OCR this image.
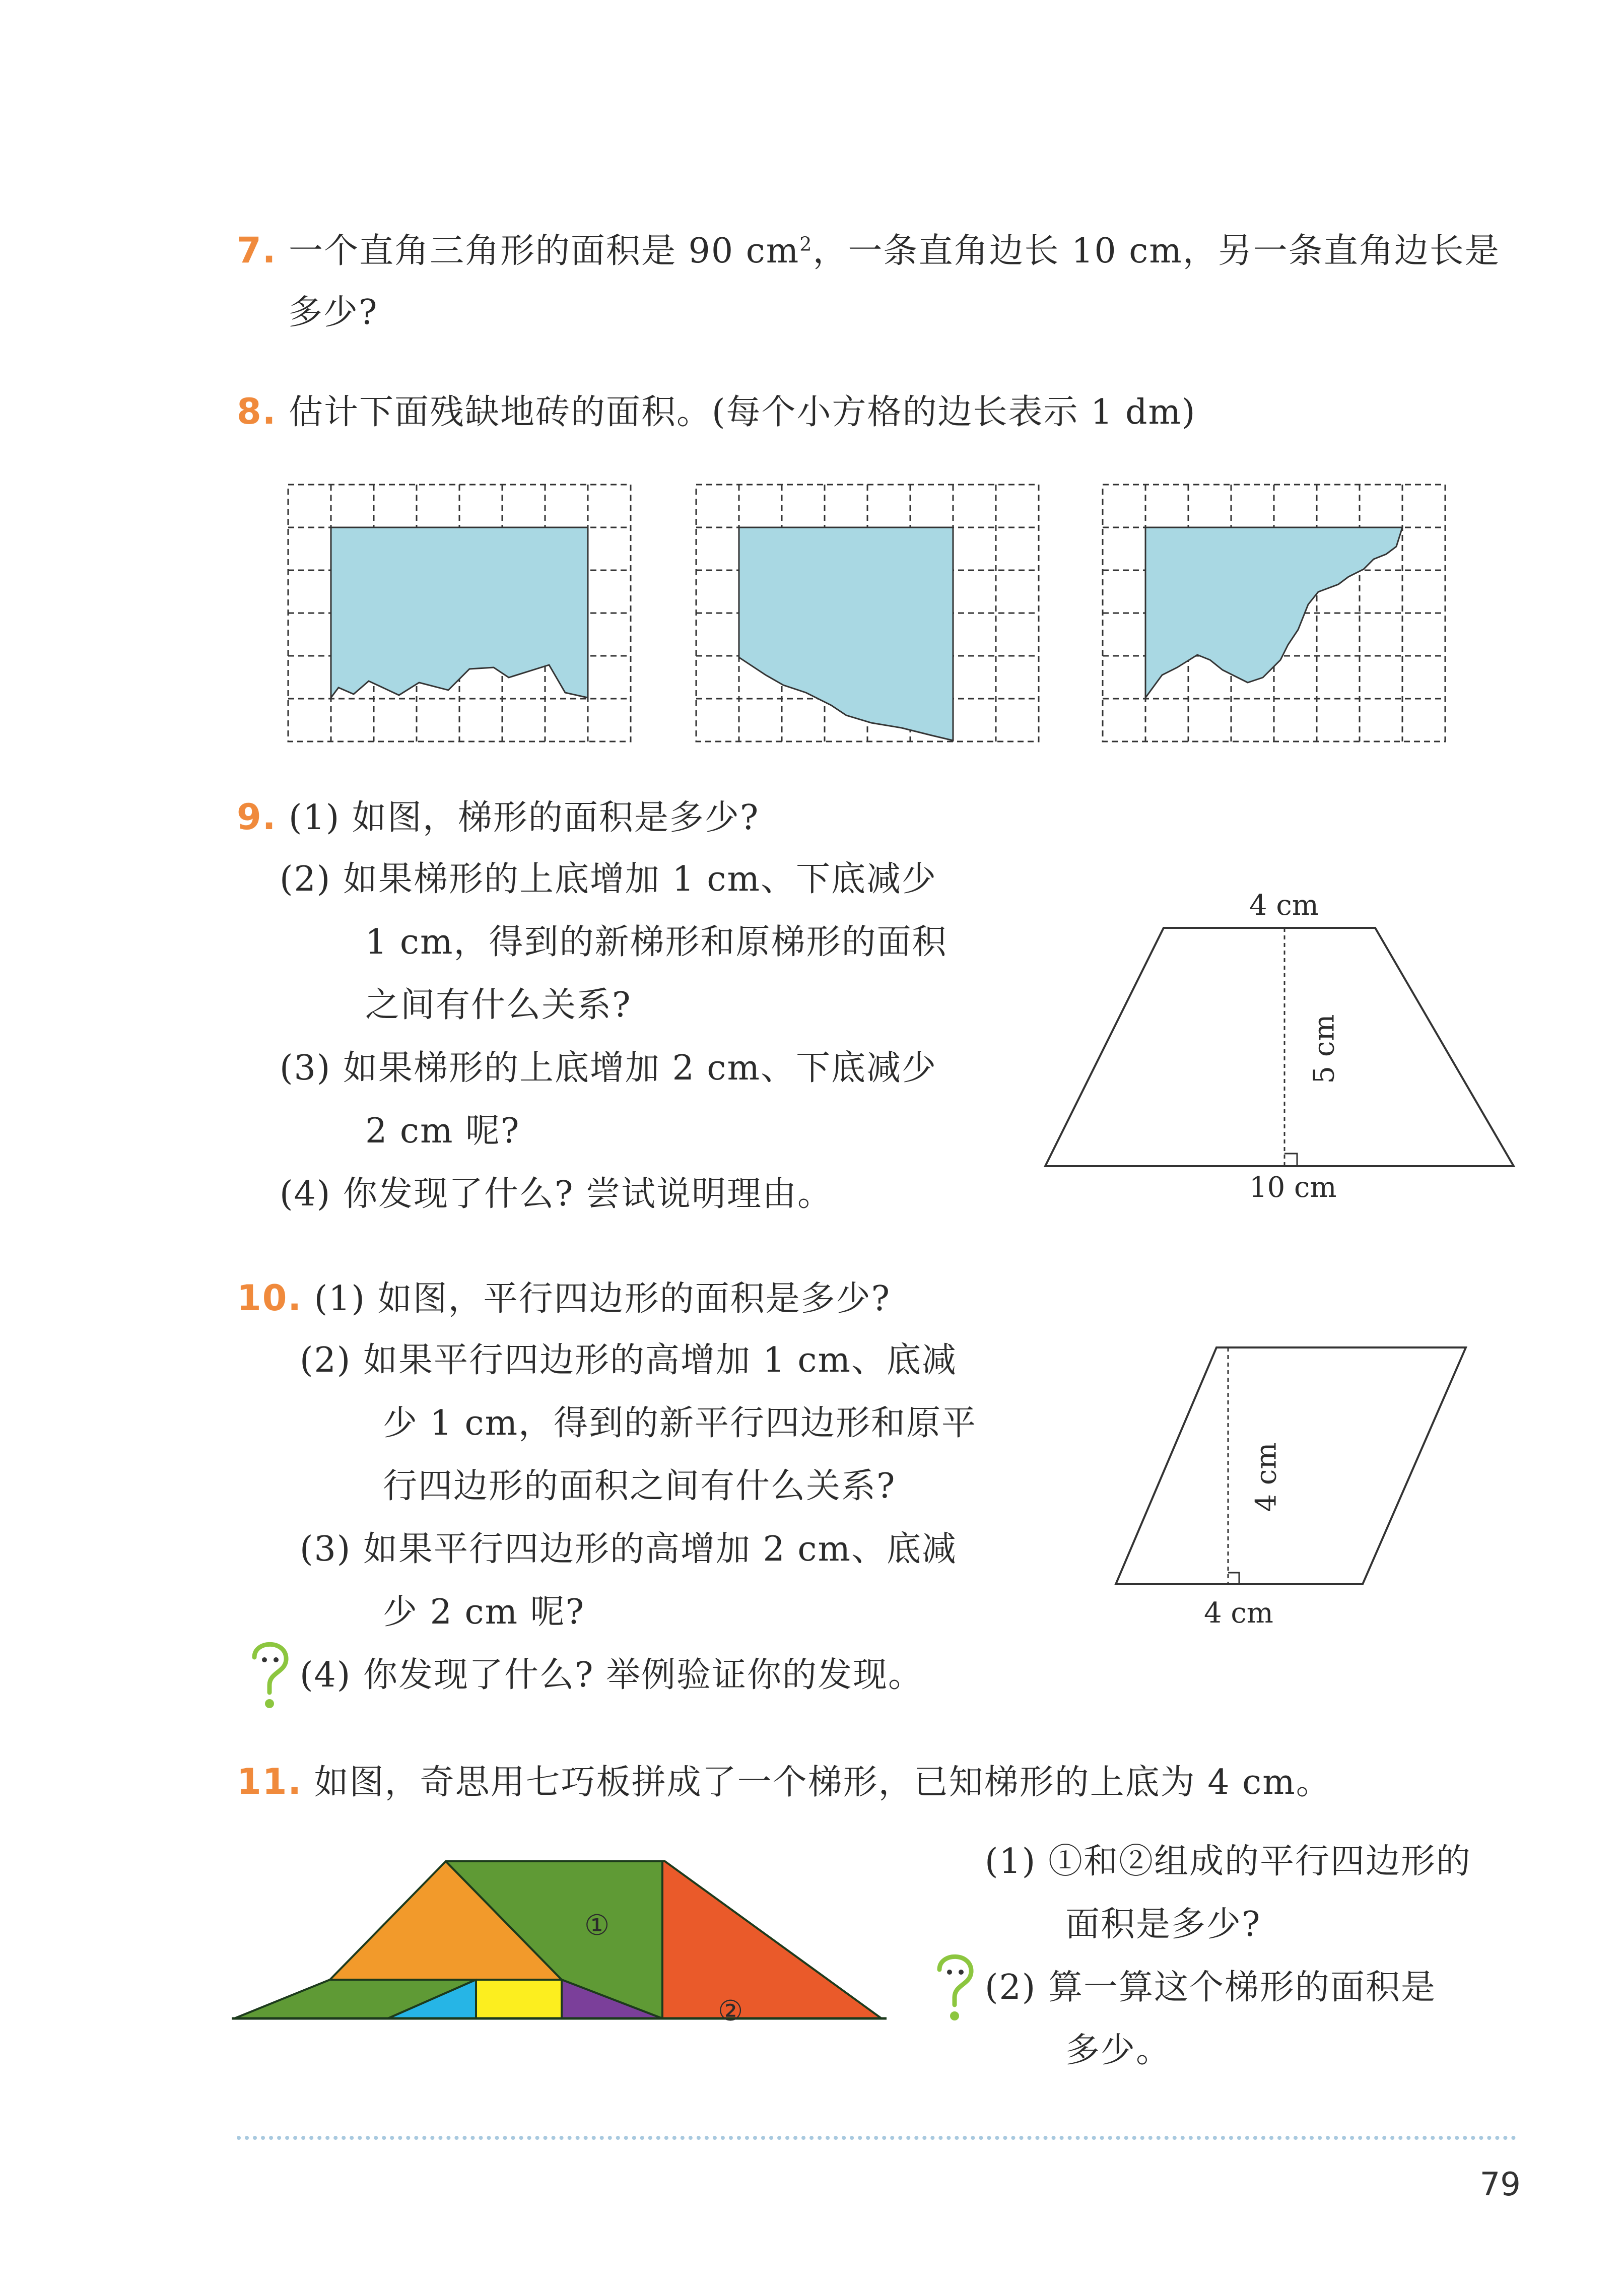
7. 一个直角三角形的面积是 90 $cm^2$，一条直角边长 10 cm，另一条直角边长是
多少?
8. 估计下面残缺地砖的面积。(每个小方格的边长表示 1 dm)
9. (1) 如图，梯形的面积是多少?
(2) 如果梯形的上底增加 1 cm、下底减少
1 cm，得到的新梯形和原梯形的面积
之间有什么关系?
(3) 如果梯形的上底增加 2 cm、下底减少
2 cm 呢?
(4) 你发现了什么? 尝试说明理由。
4 cm
5 cm
10 cm
10. (1) 如图，平行四边形的面积是多少?
(2) 如果平行四边形的高增加 1 cm、底减
少 1 cm，得到的新平行四边形和原平
行四边形的面积之间有什么关系?
(3) 如果平行四边形的高增加 2 cm、底减
少 2 cm 呢?
(4) 你发现了什么? 举例验证你的发现。
4 cm
4 cm
11. 如图，奇思用七巧板拼成了一个梯形，已知梯形的上底为 4 cm。
①
②
(1) ①和②组成的平行四边形的
面积是多少?
(2) 算一算这个梯形的面积是
多少。
79
